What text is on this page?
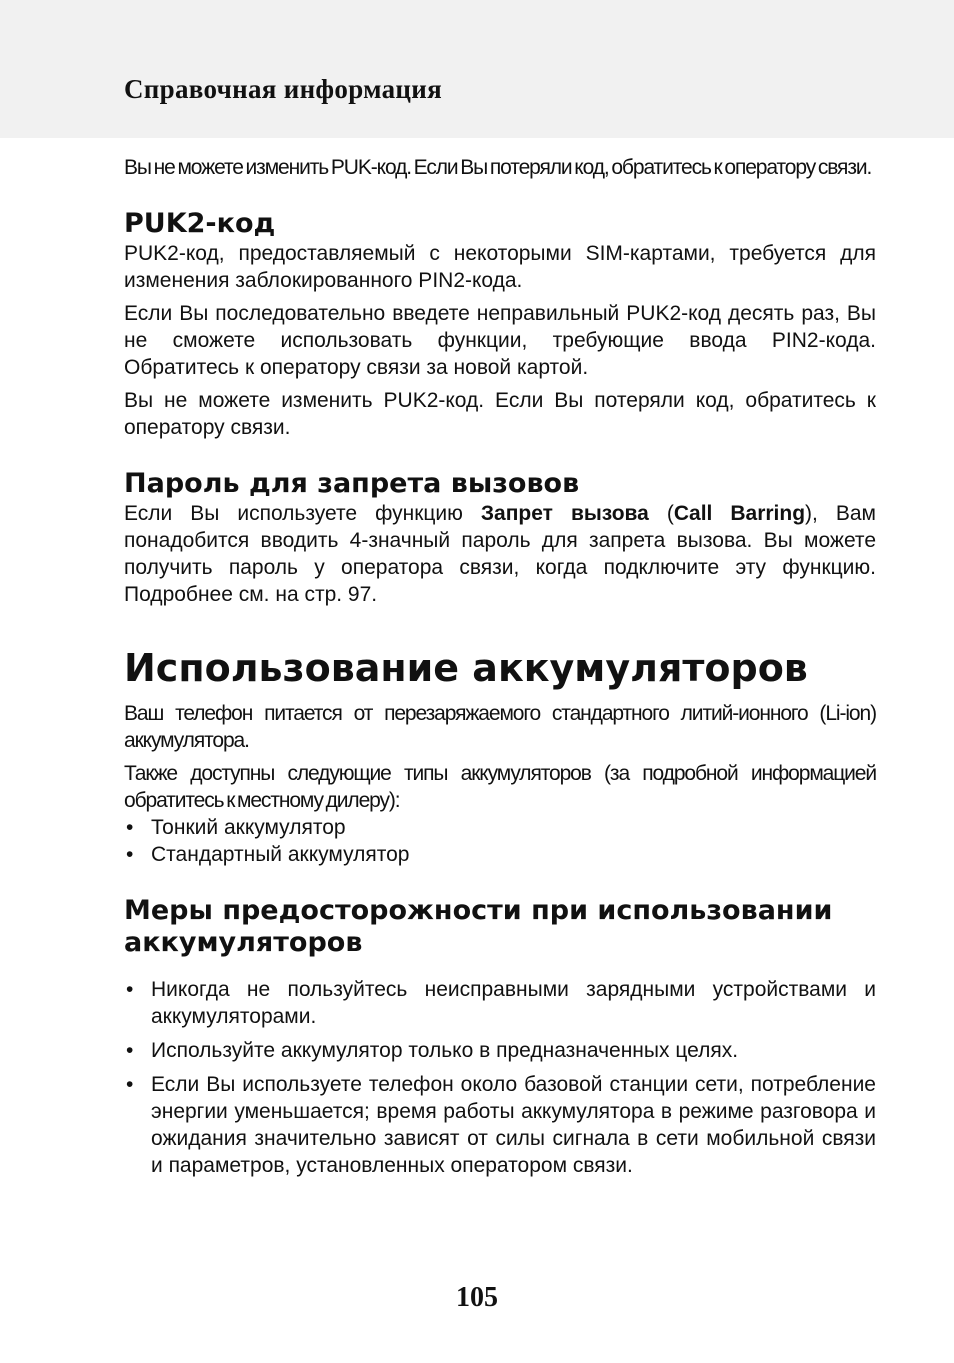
Справочная информация

Вы не можете изменить PUK-код. Если Вы потеряли код, обратитесь к оператору связи.

PUK2-код

PUK2-код, предоставляемый с некоторыми SIM-картами, требуется для изменения заблокированного PIN2-кода.

Если Вы последовательно введете неправильный PUK2-код десять раз, Вы не сможете использовать функции, требующие ввода PIN2-кода. Обратитесь к оператору связи за новой картой.

Вы не можете изменить PUK2-код. Если Вы потеряли код, обратитесь к оператору связи.

Пароль для запрета вызовов

Если Вы используете функцию Запрет вызова (Call Barring), Вам понадобится вводить 4-значный пароль для запрета вызова. Вы можете получить пароль у оператора связи, когда подключите эту функцию. Подробнее см. на стр. 97.

Использование аккумуляторов

Ваш телефон питается от перезаряжаемого стандартного литий-ионного (Li-ion) аккумулятора.

Также доступны следующие типы аккумуляторов (за подробной информацией обратитесь к местному дилеру):

• Тонкий аккумулятор
• Стандартный аккумулятор
Меры предосторожности при использовании аккумуляторов
• Никогда не пользуйтесь неисправными зарядными устройствами и аккумуляторами.
• Используйте аккумулятор только в предназначенных целях.
• Если Вы используете телефон около базовой станции сети, потребление энергии уменьшается; время работы аккумулятора в режиме разговора и ожидания значительно зависят от силы сигнала в сети мобильной связи и параметров, установленных оператором связи.
105
